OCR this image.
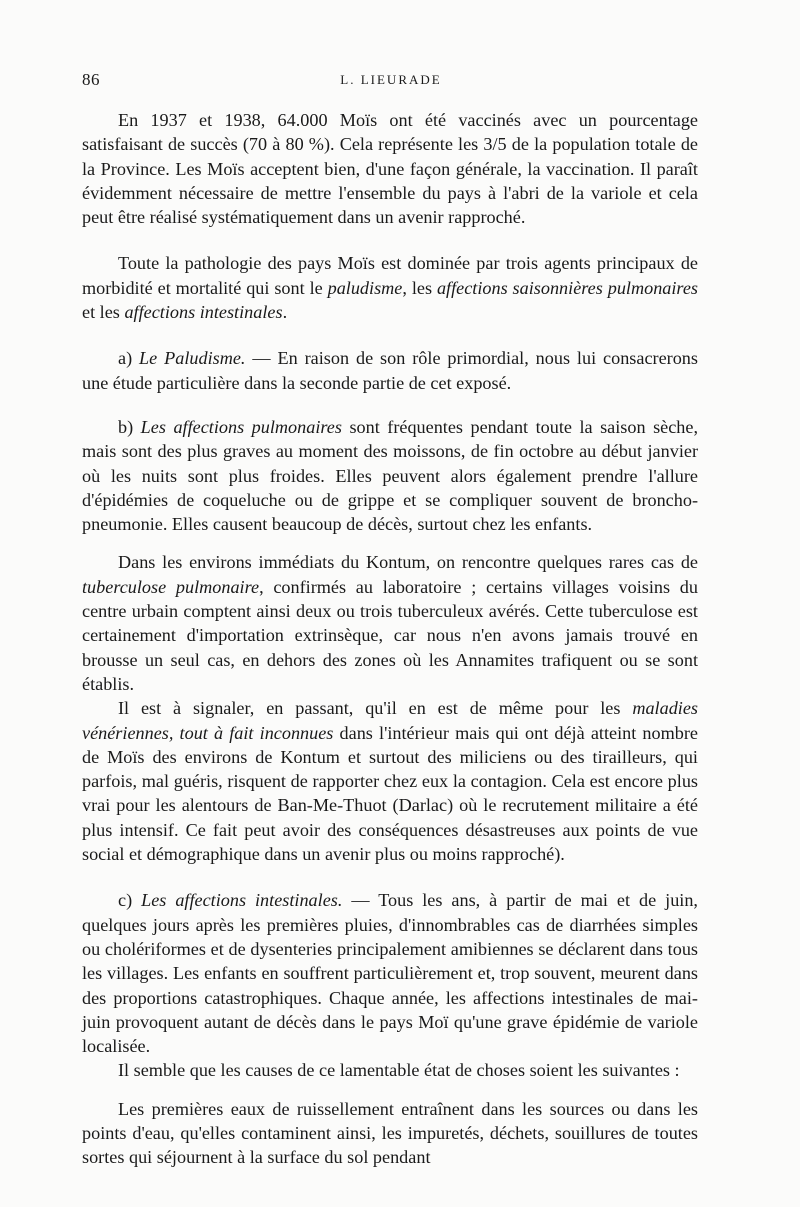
86	L. LIEURADE

En 1937 et 1938, 64.000 Moïs ont été vaccinés avec un pourcentage satisfaisant de succès (70 à 80 %). Cela représente les 3/5 de la population totale de la Province. Les Moïs acceptent bien, d'une façon générale, la vaccination. Il paraît évidemment nécessaire de mettre l'ensemble du pays à l'abri de la variole et cela peut être réalisé systématiquement dans un avenir rapproché.

Toute la pathologie des pays Moïs est dominée par trois agents principaux de morbidité et mortalité qui sont le paludisme, les affections saisonnières pulmonaires et les affections intestinales.

a) Le Paludisme. — En raison de son rôle primordial, nous lui consacrerons une étude particulière dans la seconde partie de cet exposé.

b) Les affections pulmonaires sont fréquentes pendant toute la saison sèche, mais sont des plus graves au moment des moissons, de fin octobre au début janvier où les nuits sont plus froides. Elles peuvent alors également prendre l'allure d'épidémies de coqueluche ou de grippe et se compliquer souvent de broncho-pneumonie. Elles causent beaucoup de décès, surtout chez les enfants.

Dans les environs immédiats du Kontum, on rencontre quelques rares cas de tuberculose pulmonaire, confirmés au laboratoire ; certains villages voisins du centre urbain comptent ainsi deux ou trois tuberculeux avérés. Cette tuberculose est certainement d'importation extrinsèque, car nous n'en avons jamais trouvé en brousse un seul cas, en dehors des zones où les Annamites trafiquent ou se sont établis.

Il est à signaler, en passant, qu'il en est de même pour les maladies vénériennes, tout à fait inconnues dans l'intérieur mais qui ont déjà atteint nombre de Moïs des environs de Kontum et surtout des miliciens ou des tirailleurs, qui parfois, mal guéris, risquent de rapporter chez eux la contagion. Cela est encore plus vrai pour les alentours de Ban-Me-Thuot (Darlac) où le recrutement militaire a été plus intensif. Ce fait peut avoir des conséquences désastreuses aux points de vue social et démographique dans un avenir plus ou moins rapproché).

c) Les affections intestinales. — Tous les ans, à partir de mai et de juin, quelques jours après les premières pluies, d'innombrables cas de diarrhées simples ou cholériformes et de dysenteries principalement amibiennes se déclarent dans tous les villages. Les enfants en souffrent particulièrement et, trop souvent, meurent dans des proportions catastrophiques. Chaque année, les affections intestinales de mai-juin provoquent autant de décès dans le pays Moï qu'une grave épidémie de variole localisée.

Il semble que les causes de ce lamentable état de choses soient les suivantes :

Les premières eaux de ruissellement entraînent dans les sources ou dans les points d'eau, qu'elles contaminent ainsi, les impuretés, déchets, souillures de toutes sortes qui séjournent à la surface du sol pendant
